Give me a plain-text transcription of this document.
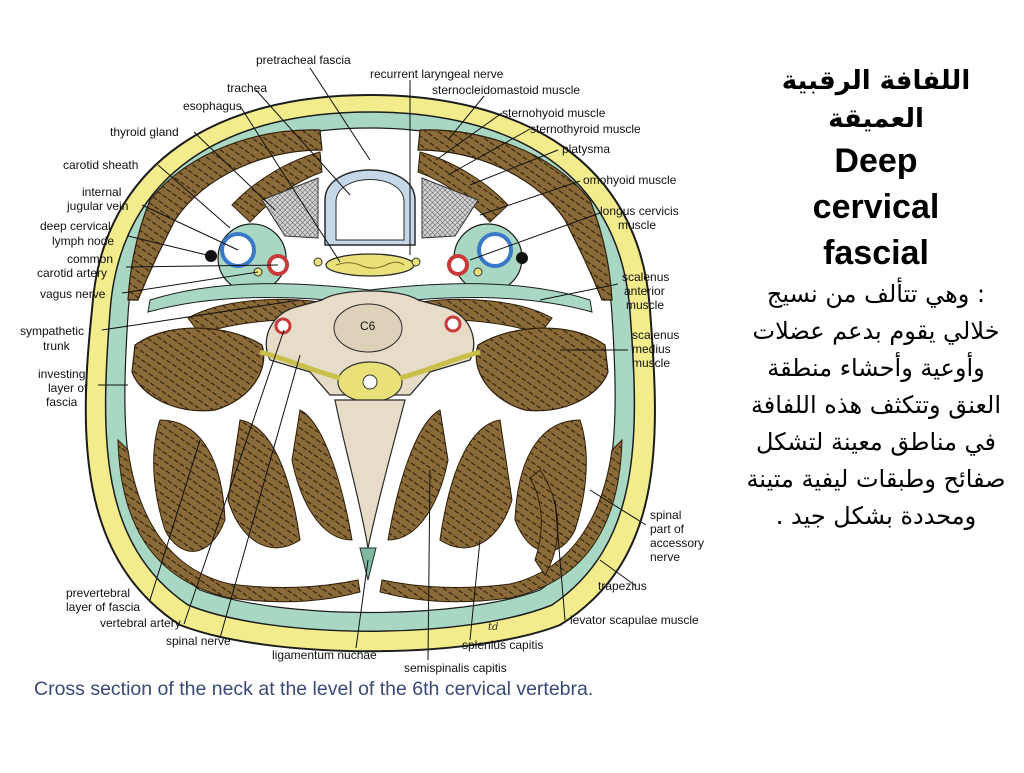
C6
td
pretracheal fascia
recurrent laryngeal nerve
trachea	sternocleidomastoid muscle
esophagus	sternohyoid muscle
sternothyroid muscle
thyroid gland
platysma
carotid sheath
omohyoid muscle
internal
jugular vein	longus cervicis
muscle
deep cervical
lymph node
common
carotid artery	scalenus
anterior
muscle
vagus nerve
sympathetic
trunk
scalenus
medius
muscle
investing
layer of
fascia
spinal
part of
accessory
nerve
trapezius
prevertebral
layer of fascia
vertebral artery	levator scapulae muscle
spinal nerve	splenius capitis
ligamentum nuchae
semispinalis capitis
Cross section of the neck at the level of the 6th cervical vertebra.
اللفافة الرقبية العميقة
Deep
cervical
fascial
: وهي تتألف من نسيج خلالي يقوم بدعم عضلات وأوعية وأحشاء منطقة العنق وتتكثف هذه اللفافة في مناطق معينة لتشكل صفائح وطبقات ليفية متينة ومحددة بشكل جيد .
